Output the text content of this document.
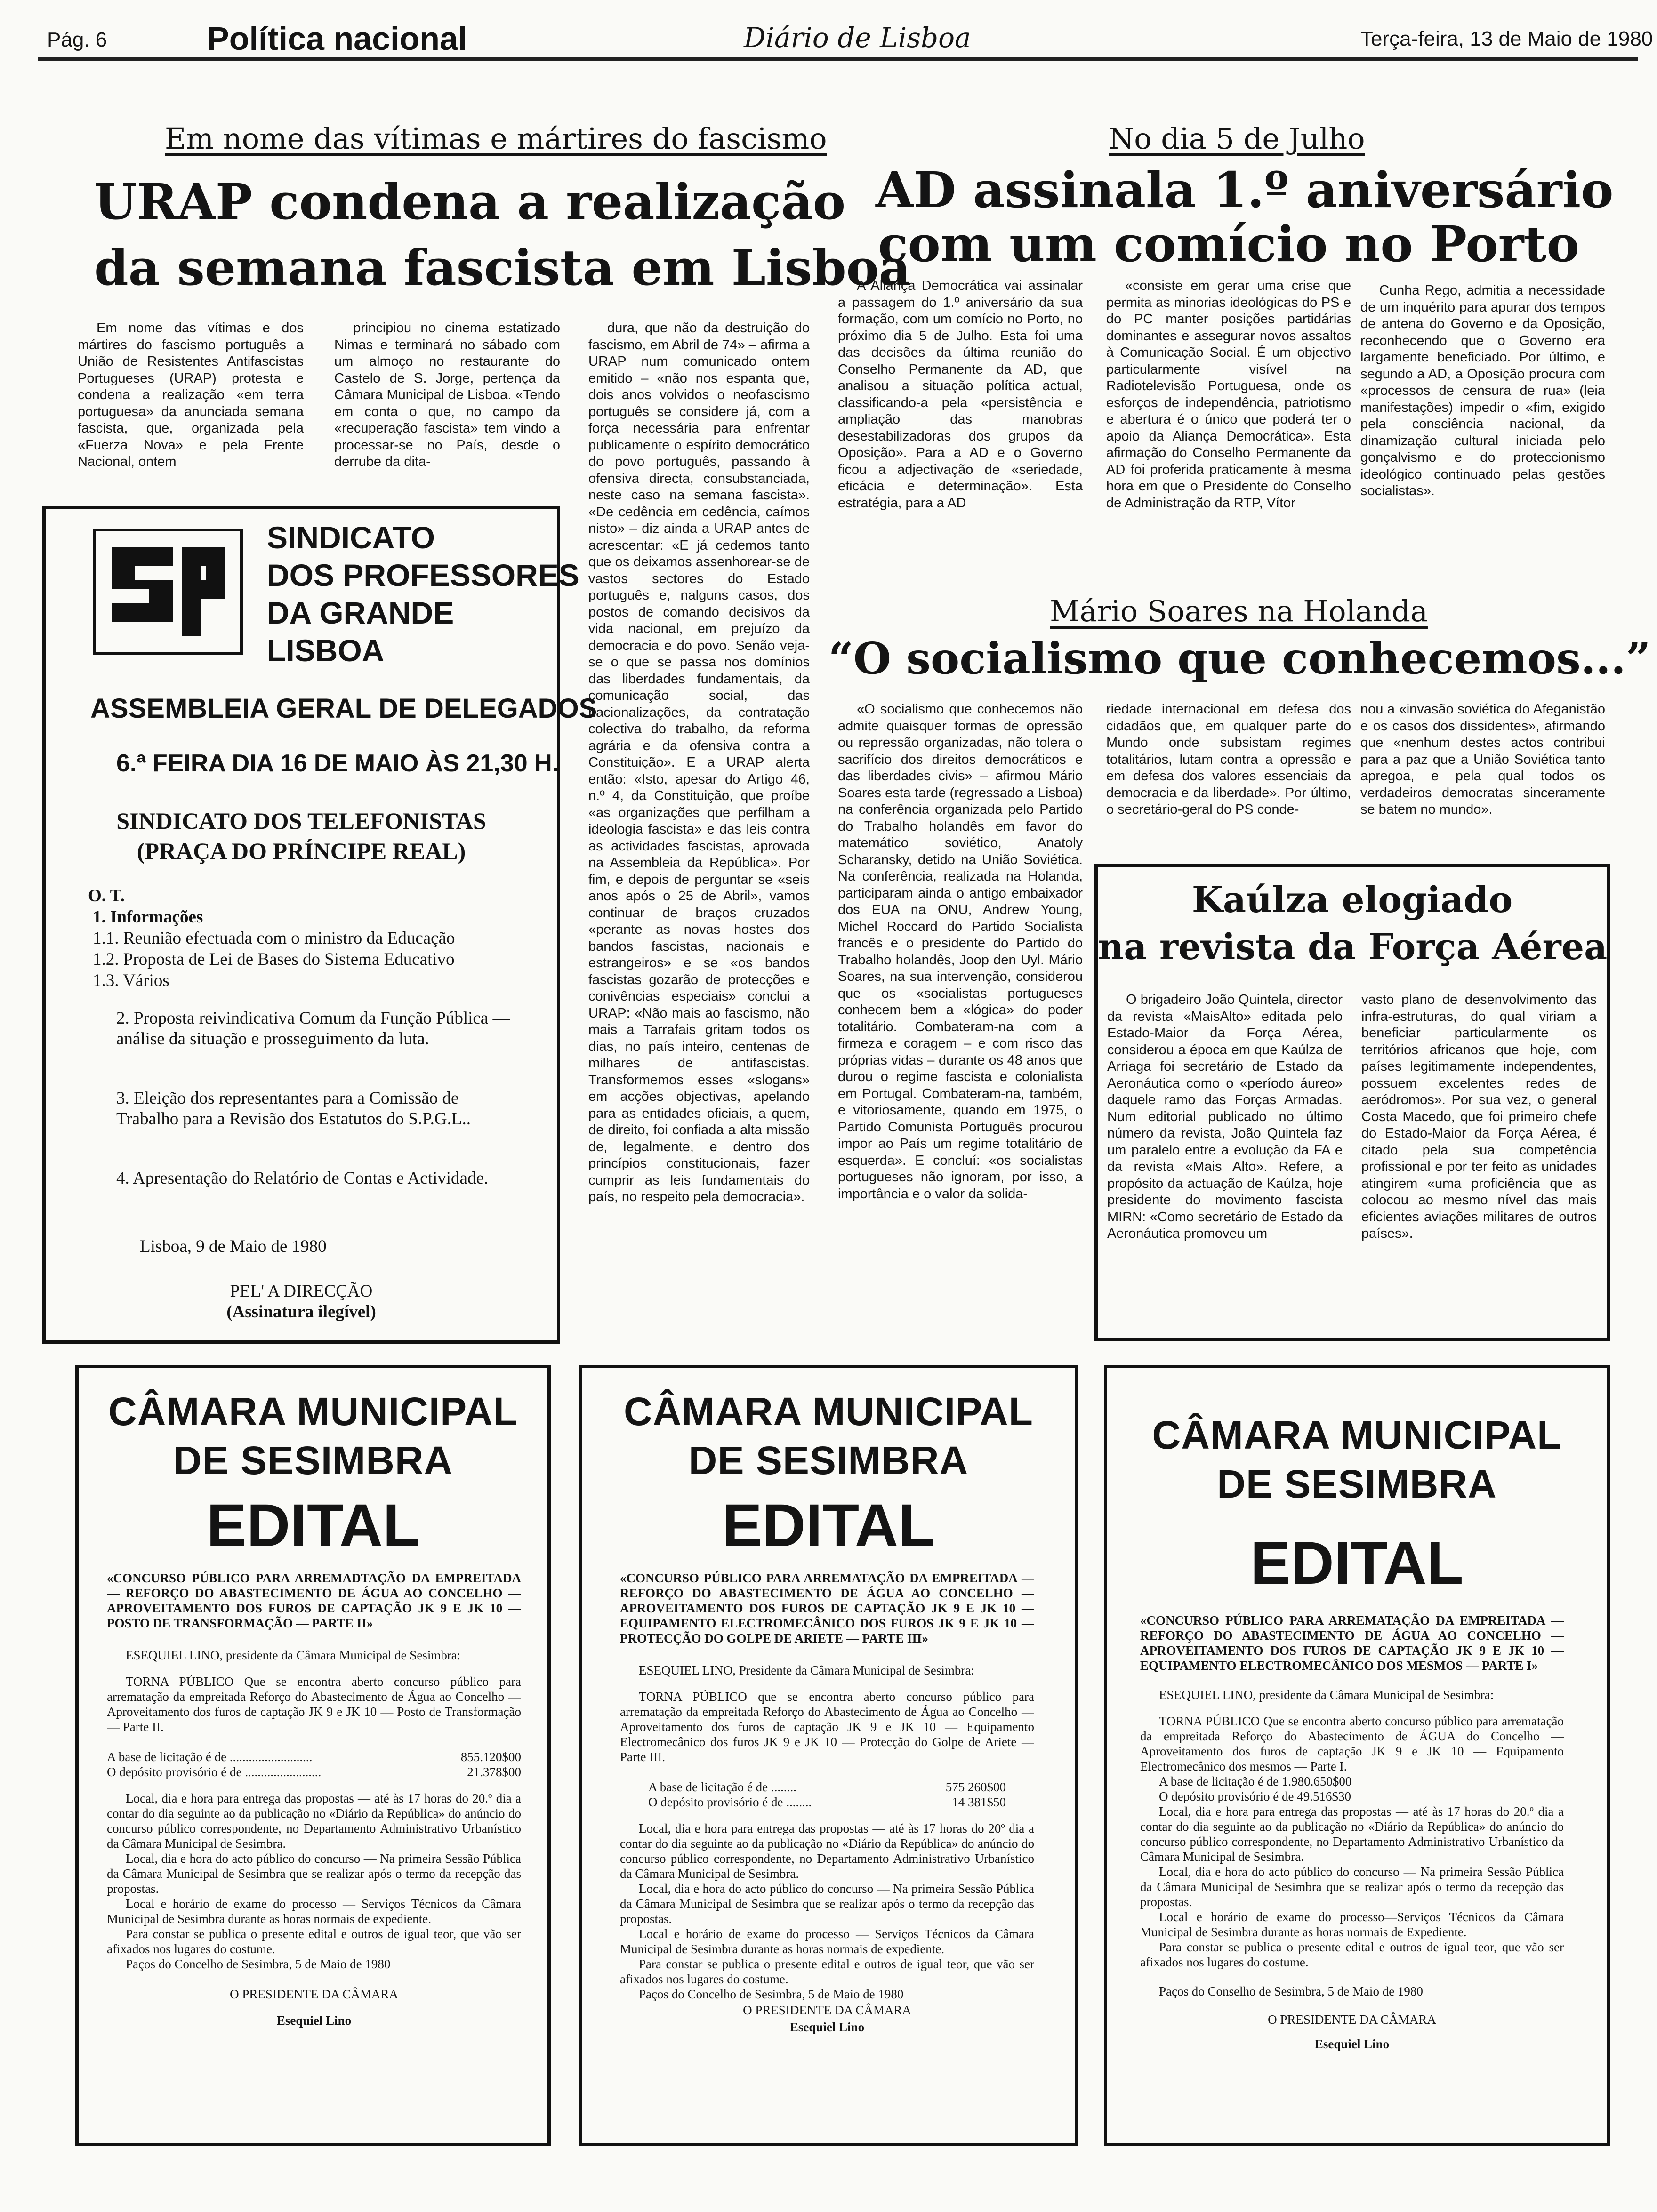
Pág. 6	Política nacional	Diário de Lisboa	Terça-feira, 13 de Maio de 1980
Em nome das vítimas e mártires do fascismo
URAP condena a realização
da semana fascista em Lisboa

Em nome das vítimas e dos mártires do fascismo português a União de Resistentes Antifascistas Portugueses (URAP) protesta e condena a realização «em terra portuguesa» da anunciada semana fascista, que, organizada pela «Fuerza Nova» e pela Frente Nacional, ontem

principiou no cinema estatizado Nimas e terminará no sábado com um almoço no restaurante do Castelo de S. Jorge, pertença da Câmara Municipal de Lisboa. «Tendo em conta o que, no campo da «recuperação fascista» tem vindo a processar-se no País, desde o derrube da dita-

dura, que não da destruição do fascismo, em Abril de 74» – afirma a URAP num comunicado ontem emitido – «não nos espanta que, dois anos volvidos o neofascismo português se considere já, com a força necessária para enfrentar publicamente o espírito democrático do povo português, passando à ofensiva directa, consubstanciada, neste caso na semana fascista». «De cedência em cedência, caímos nisto» – diz ainda a URAP antes de acrescentar: «E já cedemos tanto que os deixamos assenhorear-se de vastos sectores do Estado português e, nalguns casos, dos postos de comando decisivos da vida nacional, em prejuízo da democracia e do povo. Senão veja-se o que se passa nos domínios das liberdades fundamentais, da comunicação social, das nacionalizações, da contratação colectiva do trabalho, da reforma agrária e da ofensiva contra a Constituição». E a URAP alerta então: «Isto, apesar do Artigo 46, n.º 4, da Constituição, que proíbe «as organizações que perfilham a ideologia fascista» e das leis contra as actividades fascistas, aprovada na Assembleia da República». Por fim, e depois de perguntar se «seis anos após o 25 de Abril», vamos continuar de braços cruzados «perante as novas hostes dos bandos fascistas, nacionais e estrangeiros» e se «os bandos fascistas gozarão de protecções e conivências especiais» conclui a URAP: «Não mais ao fascismo, não mais a Tarrafais gritam todos os dias, no país inteiro, centenas de milhares de antifascistas. Transformemos esses «slogans» em acções objectivas, apelando para as entidades oficiais, a quem, de direito, foi confiada a alta missão de, legalmente, e dentro dos princípios constitucionais, fazer cumprir as leis fundamentais do país, no respeito pela democracia».

SINDICATO
DOS PROFESSORES
DA GRANDE
LISBOA
ASSEMBLEIA GERAL DE DELEGADOS
6.ª FEIRA DIA 16 DE MAIO ÀS 21,30 H.
SINDICATO DOS TELEFONISTAS
(PRAÇA DO PRÍNCIPE REAL)
O. T.
1. Informações
1.1. Reunião efectuada com o ministro da Educação
1.2. Proposta de Lei de Bases do Sistema Educativo
1.3. Vários
2. Proposta reivindicativa Comum da Função Pública — análise da situação e prosseguimento da luta.
3. Eleição dos representantes para a Comissão de Trabalho para a Revisão dos Estatutos do S.P.G.L..
4. Apresentação do Relatório de Contas e Actividade.
Lisboa, 9 de Maio de 1980
PEL' A DIRECÇÃO
(Assinatura ilegível)
No dia 5 de Julho
AD assinala 1.º aniversário
com um comício no Porto

A Aliança Democrática vai assinalar a passagem do 1.º aniversário da sua formação, com um comício no Porto, no próximo dia 5 de Julho. Esta foi uma das decisões da última reunião do Conselho Permanente da AD, que analisou a situação política actual, classificando-a pela «persistência e ampliação das manobras desestabilizadoras dos grupos da Oposição». Para a AD e o Governo ficou a adjectivação de «seriedade, eficácia e determinação». Esta estratégia, para a AD

«consiste em gerar uma crise que permita as minorias ideológicas do PS e do PC manter posições partidárias dominantes e assegurar novos assaltos à Comunicação Social. É um objectivo particularmente visível na Radiotelevisão Portuguesa, onde os esforços de independência, patriotismo e abertura é o único que poderá ter o apoio da Aliança Democrática». Esta afirmação do Conselho Permanente da AD foi proferida praticamente à mesma hora em que o Presidente do Conselho de Administração da RTP, Vítor

Cunha Rego, admitia a necessidade de um inquérito para apurar dos tempos de antena do Governo e da Oposição, reconhecendo que o Governo era largamente beneficiado. Por último, e segundo a AD, a Oposição procura com «processos de censura de rua» (leia manifestações) impedir o «fim, exigido pela consciência nacional, da dinamização cultural iniciada pelo gonçalvismo e do proteccionismo ideológico continuado pelas gestões socialistas».

Mário Soares na Holanda
“O socialismo que conhecemos...”

«O socialismo que conhecemos não admite quaisquer formas de opressão ou repressão organizadas, não tolera o sacrifício dos direitos democráticos e das liberdades civis» – afirmou Mário Soares esta tarde (regressado a Lisboa) na conferência organizada pelo Partido do Trabalho holandês em favor do matemático soviético, Anatoly Scharansky, detido na União Soviética. Na conferência, realizada na Holanda, participaram ainda o antigo embaixador dos EUA na ONU, Andrew Young, Michel Roccard do Partido Socialista francês e o presidente do Partido do Trabalho holandês, Joop den Uyl. Mário Soares, na sua intervenção, considerou que os «socialistas portugueses conhecem bem a «lógica» do poder totalitário. Combateram-na com a firmeza e coragem – e com risco das próprias vidas – durante os 48 anos que durou o regime fascista e colonialista em Portugal. Combateram-na, também, e vitoriosamente, quando em 1975, o Partido Comunista Português procurou impor ao País um regime totalitário de esquerda». E concluí: «os socialistas portugueses não ignoram, por isso, a importância e o valor da solida-

riedade internacional em defesa dos cidadãos que, em qualquer parte do Mundo onde subsistam regimes totalitários, lutam contra a opressão e em defesa dos valores essenciais da democracia e da liberdade». Por último, o secretário-geral do PS conde-

nou a «invasão soviética do Afeganistão e os casos dos dissidentes», afirmando que «nenhum destes actos contribui para a paz que a União Soviética tanto apregoa, e pela qual todos os verdadeiros democratas sinceramente se batem no mundo».

Kaúlza elogiado
na revista da Força Aérea

O brigadeiro João Quintela, director da revista «MaisAlto» editada pelo Estado-Maior da Força Aérea, considerou a época em que Kaúlza de Arriaga foi secretário de Estado da Aeronáutica como o «período áureo» daquele ramo das Forças Armadas. Num editorial publicado no último número da revista, João Quintela faz um paralelo entre a evolução da FA e da revista «Mais Alto». Refere, a propósito da actuação de Kaúlza, hoje presidente do movimento fascista MIRN: «Como secretário de Estado da Aeronáutica promoveu um

vasto plano de desenvolvimento das infra-estruturas, do qual viriam a beneficiar particularmente os territórios africanos que hoje, com países legitimamente independentes, possuem excelentes redes de aeródromos». Por sua vez, o general Costa Macedo, que foi primeiro chefe do Estado-Maior da Força Aérea, é citado pela sua competência profissional e por ter feito as unidades atingirem «uma proficiência que as colocou ao mesmo nível das mais eficientes aviações militares de outros países».

CÂMARA MUNICIPAL
DE SESIMBRA
EDITAL

«CONCURSO PÚBLICO PARA ARREMADTAÇÃO DA EMPREITADA — REFORÇO DO ABASTECIMENTO DE ÁGUA AO CONCELHO — APROVEITAMENTO DOS FUROS DE CAPTAÇÃO JK 9 E JK 10 — POSTO DE TRANSFORMAÇÃO — PARTE II»

ESEQUIEL LINO, presidente da Câmara Municipal de Sesimbra:

TORNA PÚBLICO Que se encontra aberto concurso público para arrematação da empreitada Reforço do Abastecimento de Água ao Concelho — Aproveitamento dos furos de captação JK 9 e JK 10 — Posto de Transformação — Parte II.

A base de licitação é de ..........................	855.120$00
O depósito provisório é de ........................	21.378$00

Local, dia e hora para entrega das propostas — até às 17 horas do 20.º dia a contar do dia seguinte ao da publicação no «Diário da República» do anúncio do concurso público correspondente, no Departamento Administrativo Urbanístico da Câmara Municipal de Sesimbra.

Local, dia e hora do acto público do concurso — Na primeira Sessão Pública da Câmara Municipal de Sesimbra que se realizar após o termo da recepção das propostas.

Local e horário de exame do processo — Serviços Técnicos da Câmara Municipal de Sesimbra durante as horas normais de expediente.

Para constar se publica o presente edital e outros de igual teor, que vão ser afixados nos lugares do costume.

Paços do Concelho de Sesimbra, 5 de Maio de 1980

O PRESIDENTE DA CÂMARA
Esequiel Lino
CÂMARA MUNICIPAL
DE SESIMBRA
EDITAL

«CONCURSO PÚBLICO PARA ARREMATAÇÃO DA EMPREITADA — REFORÇO DO ABASTECIMENTO DE ÁGUA AO CONCELHO — APROVEITAMENTO DOS FUROS DE CAPTAÇÃO JK 9 E JK 10 — EQUIPAMENTO ELECTROMECÂNICO DOS FUROS JK 9 E JK 10 — PROTECÇÃO DO GOLPE DE ARIETE — PARTE III»

ESEQUIEL LINO, Presidente da Câmara Municipal de Sesimbra:

TORNA PÚBLICO que se encontra aberto concurso público para arrematação da empreitada Reforço do Abastecimento de Água ao Concelho — Aproveitamento dos furos de captação JK 9 e JK 10 — Equipamento Electromecânico dos furos JK 9 e JK 10 — Protecção do Golpe de Ariete — Parte III.

A base de licitação é de ........	575 260$00
O depósito provisório é de ........	14 381$50

Local, dia e hora para entrega das propostas — até às 17 horas do 20º dia a contar do dia seguinte ao da publicação no «Diário da República» do anúncio do concurso público correspondente, no Departamento Administrativo Urbanístico da Câmara Municipal de Sesimbra.

Local, dia e hora do acto público do concurso — Na primeira Sessão Pública da Câmara Municipal de Sesimbra que se realizar após o termo da recepção das propostas.

Local e horário de exame do processo — Serviços Técnicos da Câmara Municipal de Sesimbra durante as horas normais de expediente.

Para constar se publica o presente edital e outros de igual teor, que vão ser afixados nos lugares do costume.

Paços do Concelho de Sesimbra, 5 de Maio de 1980

O PRESIDENTE DA CÂMARA
Esequiel Lino
CÂMARA MUNICIPAL
DE SESIMBRA
EDITAL

«CONCURSO PÚBLICO PARA ARREMATAÇÃO DA EMPREITADA — REFORÇO DO ABASTECIMENTO DE ÁGUA AO CONCELHO — APROVEITAMENTO DOS FUROS DE CAPTAÇÃO JK 9 E JK 10 — EQUIPAMENTO ELECTROMECÂNICO DOS MESMOS — PARTE I»

ESEQUIEL LINO, presidente da Câmara Municipal de Sesimbra:

TORNA PÚBLICO Que se encontra aberto concurso público para arrematação da empreitada Reforço do Abastecimento de ÁGUA do Concelho — Aproveitamento dos furos de captação JK 9 e JK 10 — Equipamento Electromecânico dos mesmos — Parte I.

A base de licitação é de 1.980.650$00

O depósito provisório é de 49.516$30

Local, dia e hora para entrega das propostas — até às 17 horas do 20.º dia a contar do dia seguinte ao da publicação no «Diário da República» do anúncio do concurso público correspondente, no Departamento Administrativo Urbanístico da Câmara Municipal de Sesimbra.

Local, dia e hora do acto público do concurso — Na primeira Sessão Pública da Câmara Municipal de Sesimbra que se realizar após o termo da recepção das propostas.

Local e horário de exame do processo—Serviços Técnicos da Câmara Municipal de Sesimbra durante as horas normais de Expediente.

Para constar se publica o presente edital e outros de igual teor, que vão ser afixados nos lugares do costume.

Paços do Conselho de Sesimbra, 5 de Maio de 1980

O PRESIDENTE DA CÂMARA
Esequiel Lino
